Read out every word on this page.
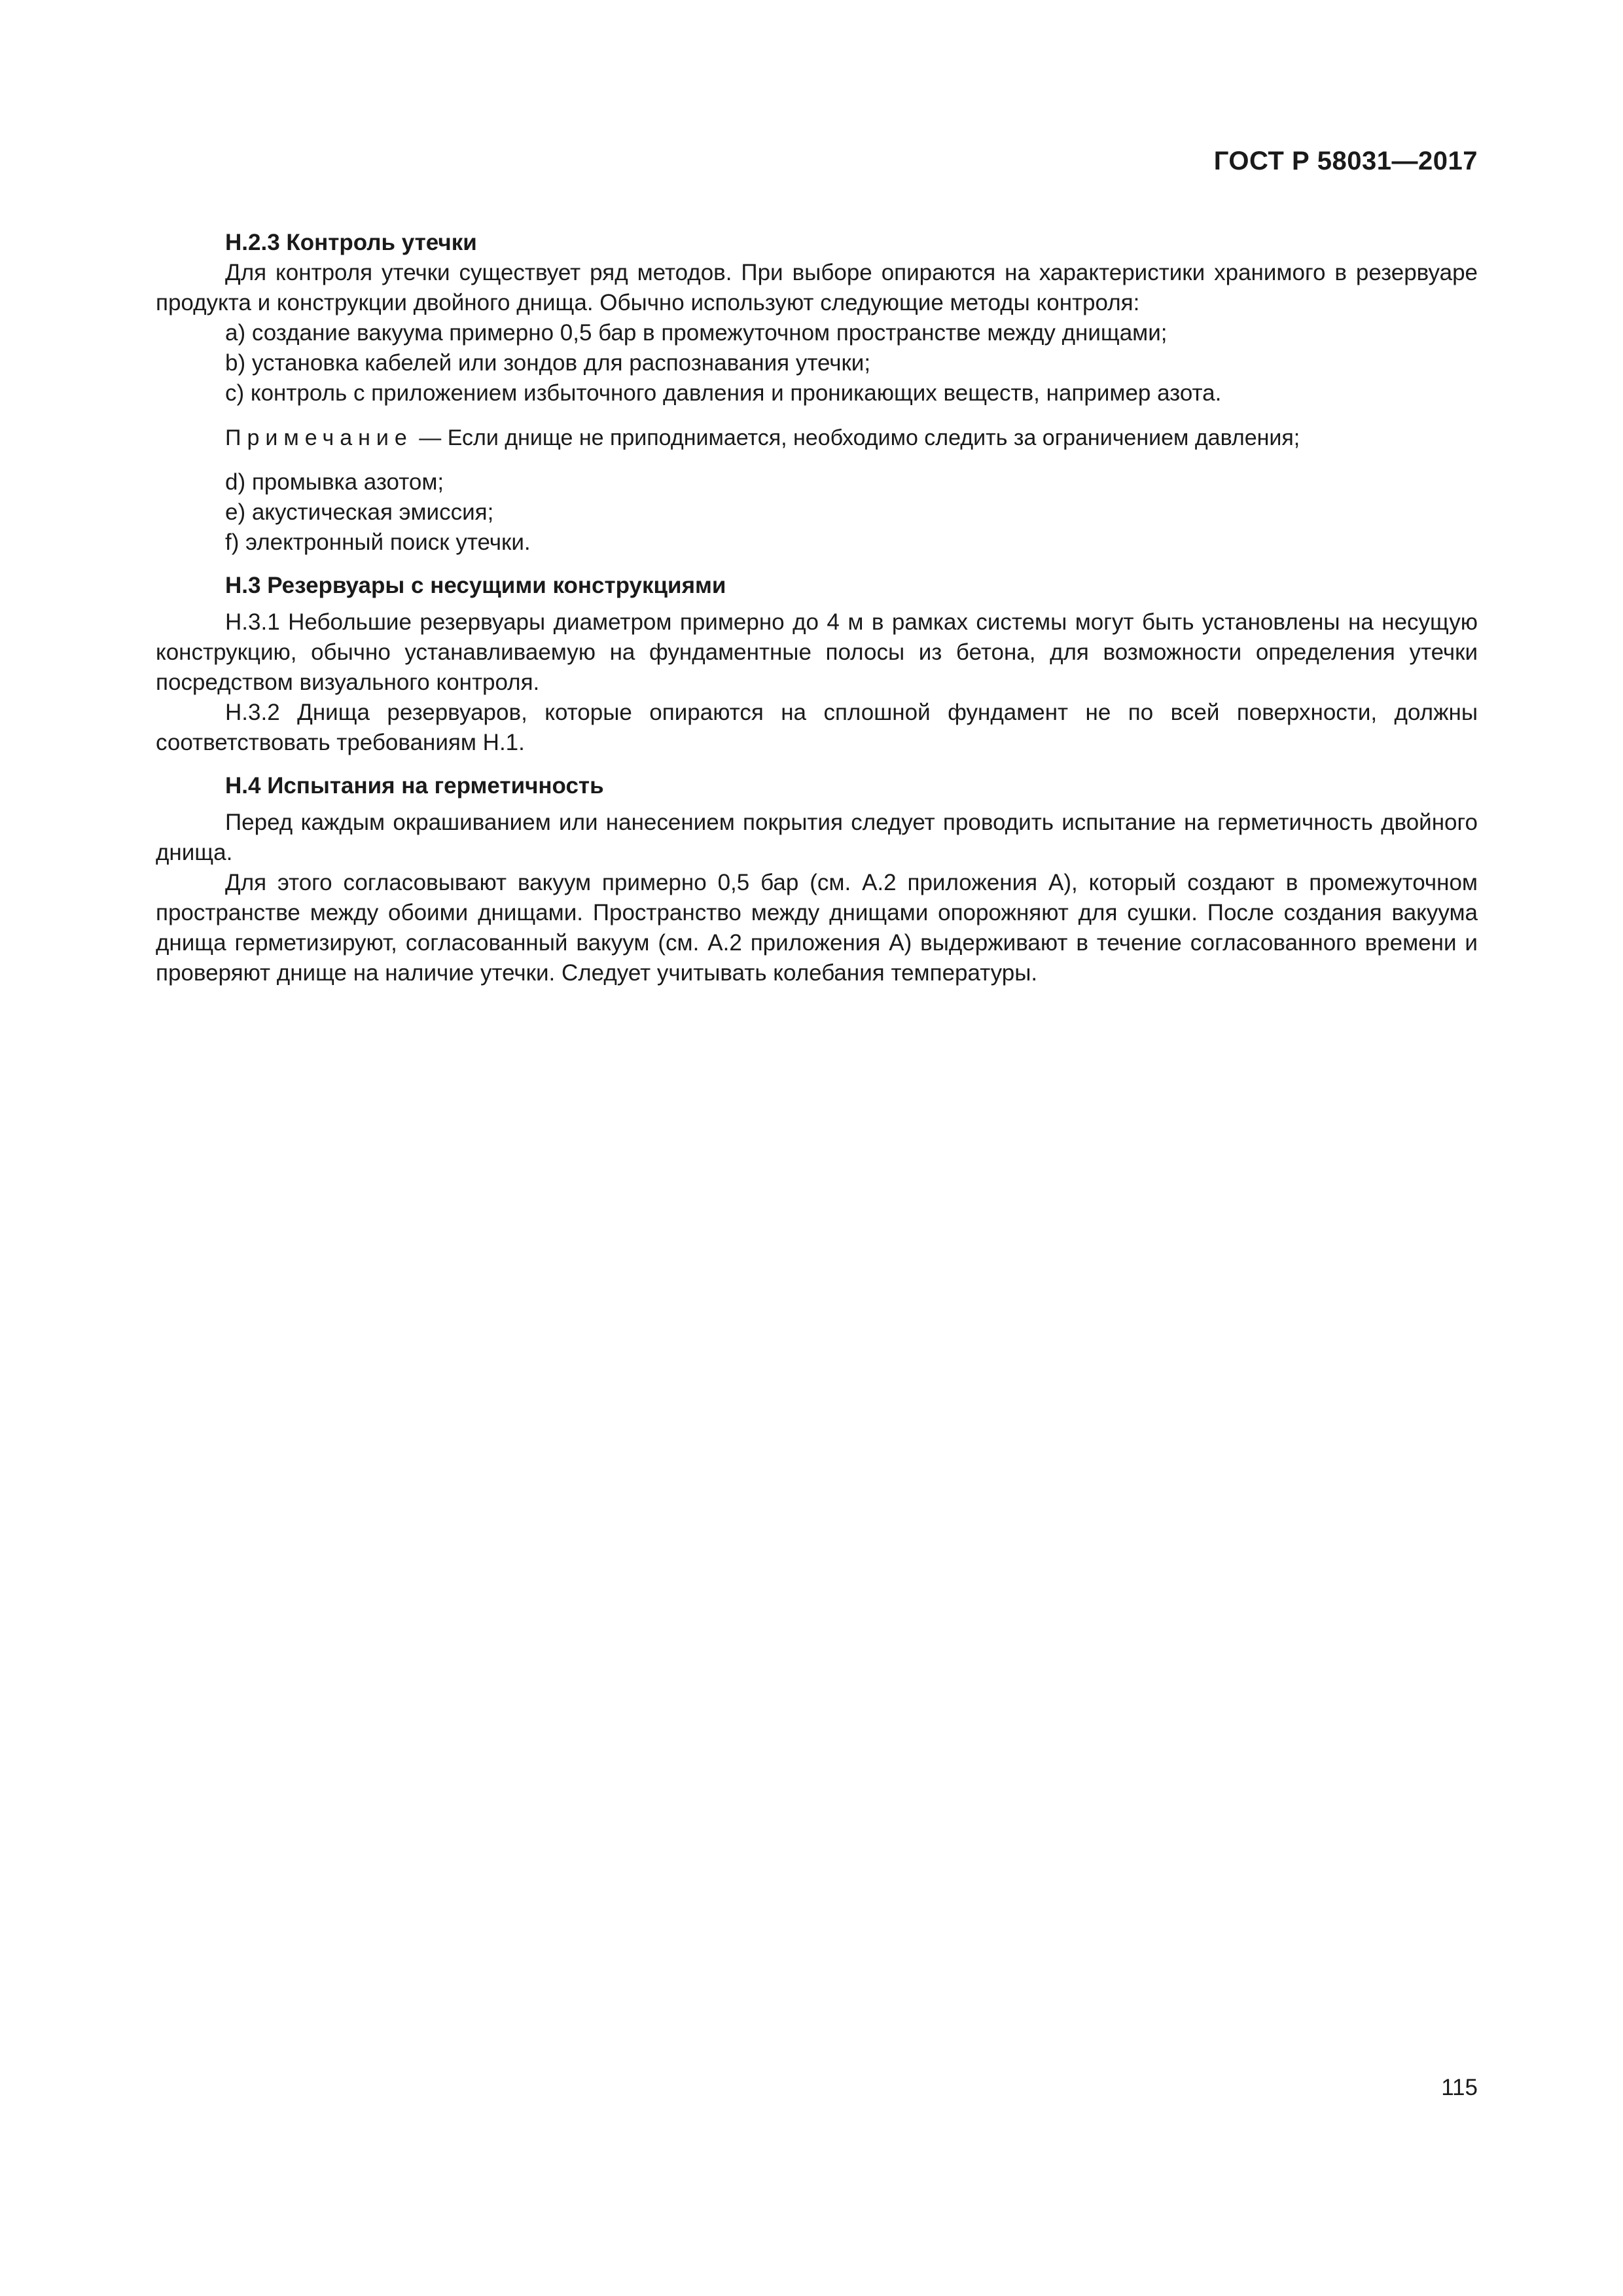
ГОСТ Р 58031—2017

Н.2.3 Контроль утечки

Для контроля утечки существует ряд методов. При выборе опираются на характеристики хранимого в резервуаре продукта и конструкции двойного днища. Обычно используют следующие методы контроля:

a) создание вакуума примерно 0,5 бар в промежуточном пространстве между днищами;

b) установка кабелей или зондов для распознавания утечки;

c) контроль с приложением избыточного давления и проникающих веществ, например азота.

Примечание — Если днище не приподнимается, необходимо следить за ограничением давления;

d) промывка азотом;

e) акустическая эмиссия;

f) электронный поиск утечки.

Н.3 Резервуары с несущими конструкциями

Н.3.1 Небольшие резервуары диаметром примерно до 4 м в рамках системы могут быть установлены на несущую конструкцию, обычно устанавливаемую на фундаментные полосы из бетона, для возможности определения утечки посредством визуального контроля.

Н.3.2 Днища резервуаров, которые опираются на сплошной фундамент не по всей поверхности, должны соответствовать требованиям Н.1.

Н.4 Испытания на герметичность

Перед каждым окрашиванием или нанесением покрытия следует проводить испытание на герметичность двойного днища.

Для этого согласовывают вакуум примерно 0,5 бар (см. А.2 приложения А), который создают в промежуточном пространстве между обоими днищами. Пространство между днищами опорожняют для сушки. После создания вакуума днища герметизируют, согласованный вакуум (см. А.2 приложения А) выдерживают в течение согласованного времени и проверяют днище на наличие утечки. Следует учитывать колебания температуры.

115
